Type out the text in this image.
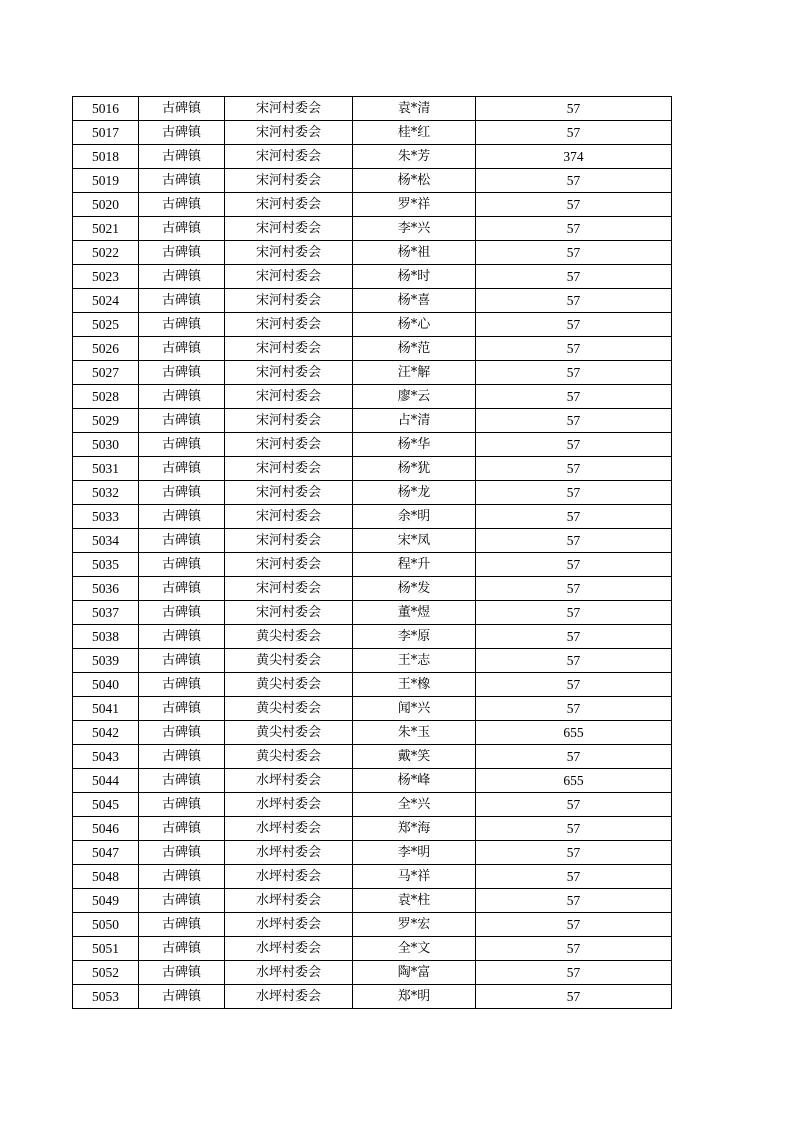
5016	古碑镇	宋河村委会	袁*清	57
5017	古碑镇	宋河村委会	桂*红	57
5018	古碑镇	宋河村委会	朱*芳	374
5019	古碑镇	宋河村委会	杨*松	57
5020	古碑镇	宋河村委会	罗*祥	57
5021	古碑镇	宋河村委会	李*兴	57
5022	古碑镇	宋河村委会	杨*祖	57
5023	古碑镇	宋河村委会	杨*时	57
5024	古碑镇	宋河村委会	杨*喜	57
5025	古碑镇	宋河村委会	杨*心	57
5026	古碑镇	宋河村委会	杨*范	57
5027	古碑镇	宋河村委会	汪*解	57
5028	古碑镇	宋河村委会	廖*云	57
5029	古碑镇	宋河村委会	占*清	57
5030	古碑镇	宋河村委会	杨*华	57
5031	古碑镇	宋河村委会	杨*犹	57
5032	古碑镇	宋河村委会	杨*龙	57
5033	古碑镇	宋河村委会	余*明	57
5034	古碑镇	宋河村委会	宋*凤	57
5035	古碑镇	宋河村委会	程*升	57
5036	古碑镇	宋河村委会	杨*发	57
5037	古碑镇	宋河村委会	董*煜	57
5038	古碑镇	黄尖村委会	李*原	57
5039	古碑镇	黄尖村委会	王*志	57
5040	古碑镇	黄尖村委会	王*橡	57
5041	古碑镇	黄尖村委会	闻*兴	57
5042	古碑镇	黄尖村委会	朱*玉	655
5043	古碑镇	黄尖村委会	戴*笑	57
5044	古碑镇	水坪村委会	杨*峰	655
5045	古碑镇	水坪村委会	全*兴	57
5046	古碑镇	水坪村委会	郑*海	57
5047	古碑镇	水坪村委会	李*明	57
5048	古碑镇	水坪村委会	马*祥	57
5049	古碑镇	水坪村委会	袁*柱	57
5050	古碑镇	水坪村委会	罗*宏	57
5051	古碑镇	水坪村委会	全*文	57
5052	古碑镇	水坪村委会	陶*富	57
5053	古碑镇	水坪村委会	郑*明	57
